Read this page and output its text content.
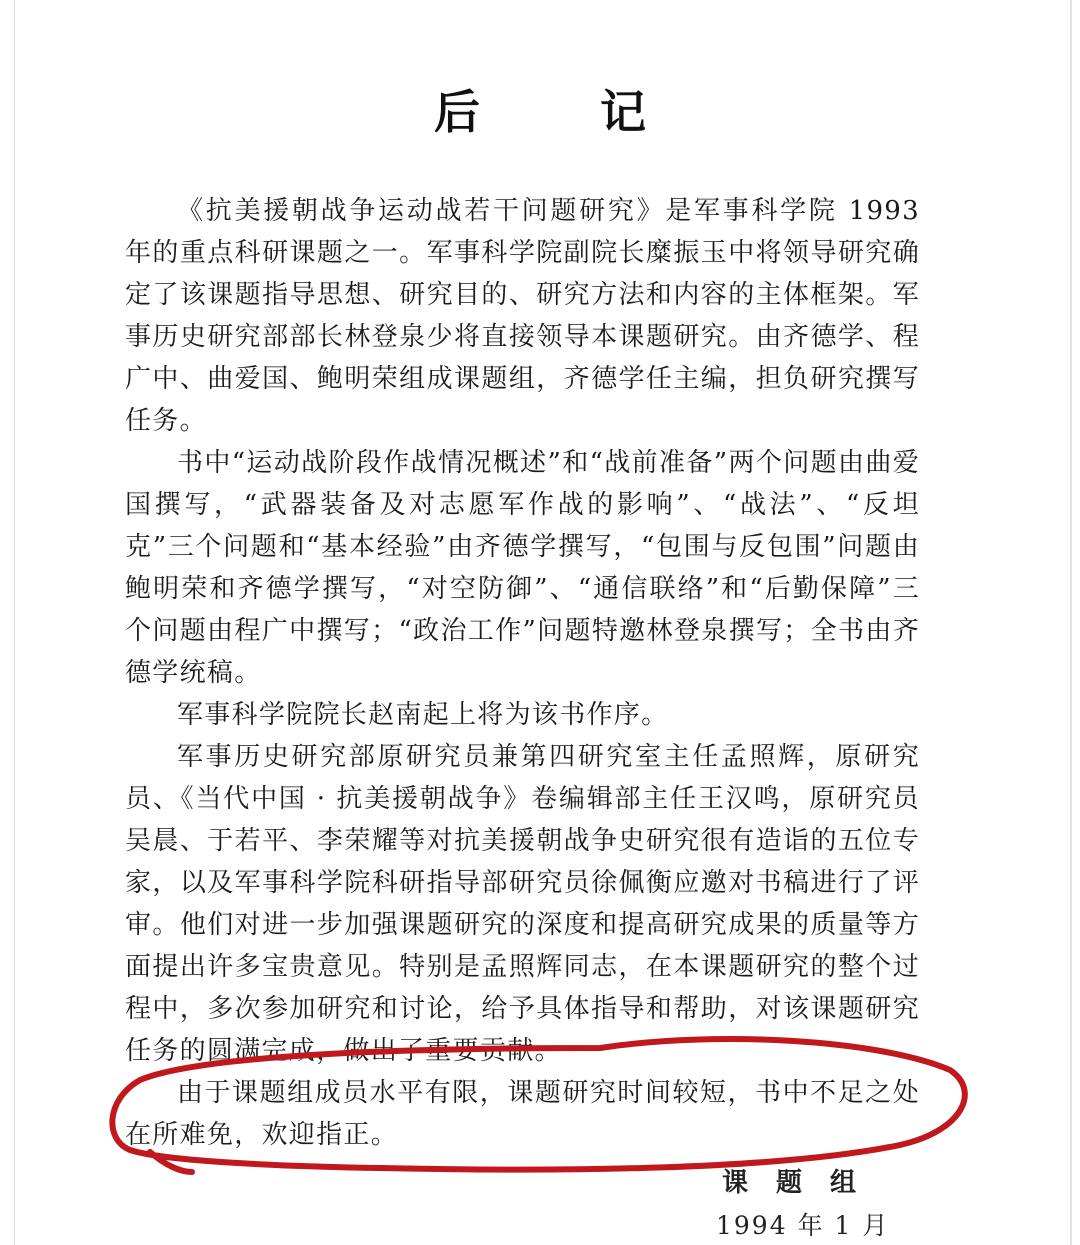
后记

《抗美援朝战争运动战若干问题研究》是军事科学院 1993 年的重点科研课题之一。军事科学院副院长糜振玉中将领导研究确定了该课题指导思想、研究目的、研究方法和内容的主体框架。军事历史研究部部长林登泉少将直接领导本课题研究。由齐德学、程广中、曲爱国、鲍明荣组成课题组，齐德学任主编，担负研究撰写任务。

书中“运动战阶段作战情况概述”和“战前准备”两个问题由曲爱国撰写，“武器装备及对志愿军作战的影响”、“战法”、“反坦克”三个问题和“基本经验”由齐德学撰写，“包围与反包围”问题由鲍明荣和齐德学撰写，“对空防御”、“通信联络”和“后勤保障”三个问题由程广中撰写；“政治工作”问题特邀林登泉撰写；全书由齐德学统稿。

军事科学院院长赵南起上将为该书作序。

军事历史研究部原研究员兼第四研究室主任孟照辉，原研究员、《当代中国 · 抗美援朝战争》卷编辑部主任王汉鸣，原研究员吴晨、于若平、李荣耀等对抗美援朝战争史研究很有造诣的五位专家，以及军事科学院科研指导部研究员徐佩衡应邀对书稿进行了评审。他们对进一步加强课题研究的深度和提高研究成果的质量等方面提出许多宝贵意见。特别是孟照辉同志，在本课题研究的整个过程中，多次参加研究和讨论，给予具体指导和帮助，对该课题研究任务的圆满完成，做出了重要贡献。

由于课题组成员水平有限，课题研究时间较短，书中不足之处在所难免，欢迎指正。

课题组
1994 年 1 月
